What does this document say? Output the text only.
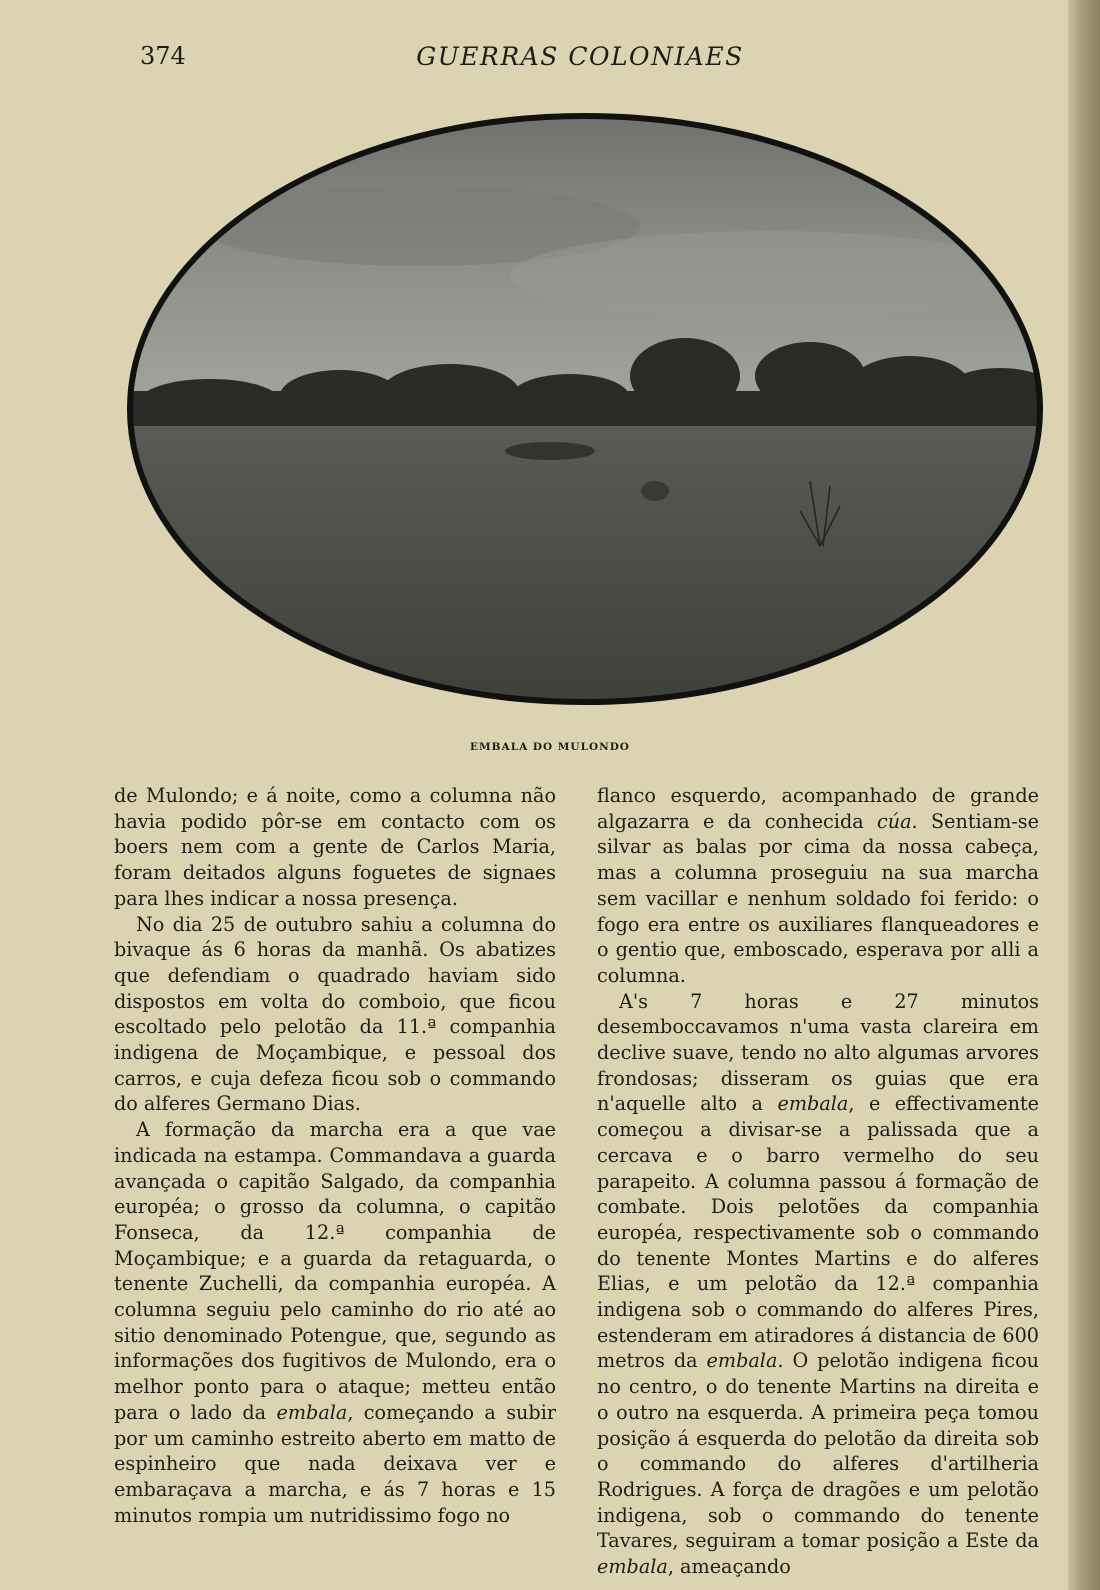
374	GUERRAS COLONIAES
EMBALA DO MULONDO

de Mulondo; e á noite, como a columna não havia podido pôr-se em contacto com os boers nem com a gente de Carlos Maria, foram deitados alguns foguetes de signaes para lhes indicar a nossa presença.

No dia 25 de outubro sahiu a columna do bivaque ás 6 horas da manhã. Os abatizes que defendiam o quadrado haviam sido dispostos em volta do comboio, que ficou escoltado pelo pelotão da 11.ª companhia indigena de Moçambique, e pessoal dos carros, e cuja defeza ficou sob o commando do alferes Germano Dias.

A formação da marcha era a que vae indicada na estampa. Commandava a guarda avançada o capitão Salgado, da companhia européa; o grosso da columna, o capitão Fonseca, da 12.ª companhia de Moçambique; e a guarda da retaguarda, o tenente Zuchelli, da companhia européa. A columna seguiu pelo caminho do rio até ao sitio denominado Potengue, que, segundo as informações dos fugitivos de Mulondo, era o melhor ponto para o ataque; metteu então para o lado da embala, começando a subir por um caminho estreito aberto em matto de espinheiro que nada deixava ver e embaraçava a marcha, e ás 7 horas e 15 minutos rompia um nutridissimo fogo no

flanco esquerdo, acompanhado de grande algazarra e da conhecida cúa. Sentiam-se silvar as balas por cima da nossa cabeça, mas a columna proseguiu na sua marcha sem vacillar e nenhum soldado foi ferido: o fogo era entre os auxiliares flanqueadores e o gentio que, emboscado, esperava por alli a columna.

A's 7 horas e 27 minutos desemboccavamos n'uma vasta clareira em declive suave, tendo no alto algumas arvores frondosas; disseram os guias que era n'aquelle alto a embala, e effectivamente começou a divisar-se a palissada que a cercava e o barro vermelho do seu parapeito. A columna passou á formação de combate. Dois pelotões da companhia européa, respectivamente sob o commando do tenente Montes Martins e do alferes Elias, e um pelotão da 12.ª companhia indigena sob o commando do alferes Pires, estenderam em atiradores á distancia de 600 metros da embala. O pelotão indigena ficou no centro, o do tenente Martins na direita e o outro na esquerda. A primeira peça tomou posição á esquerda do pelotão da direita sob o commando do alferes d'artilheria Rodrigues. A força de dragões e um pelotão indigena, sob o commando do tenente Tavares, seguiram a tomar posição a Este da embala, ameaçando
